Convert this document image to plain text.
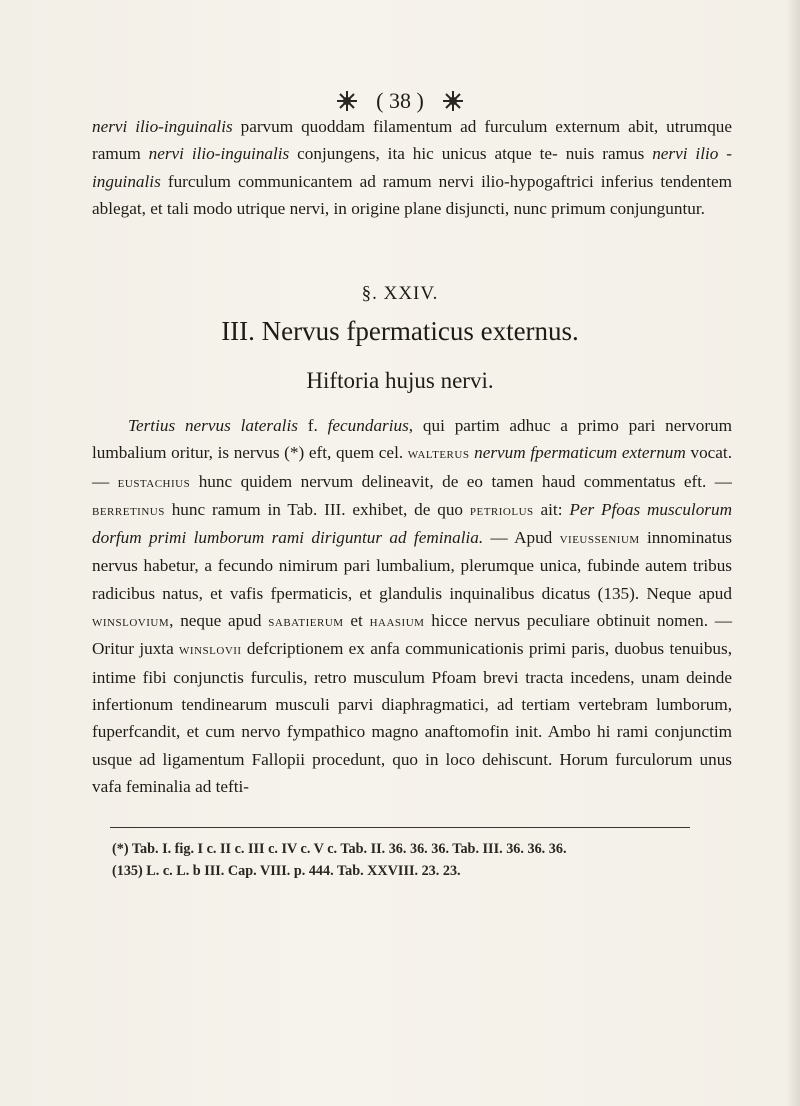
( 38 )
nervi ilio-inguinalis parvum quoddam filamentum ad furculum externum abit, utrumque ramum nervi ilio-inguinalis conjungens, ita hic unicus atque te- nuis ramus nervi ilio - inguinalis furculum communicantem ad ramum nervi ilio-hypogaftrici inferius tendentem ablegat, et tali modo utrique nervi, in origine plane disjuncti, nunc primum conjunguntur.
§. XXIV.
III. Nervus fpermaticus externus.
Hiftoria hujus nervi.
Tertius nervus lateralis f. fecundarius, qui partim adhuc a primo pari nervorum lumbalium oritur, is nervus (*) eft, quem cel. walterus nervum fpermaticum externum vocat. — eustachius hunc quidem nervum delineavit, de eo tamen haud commentatus eft. — berretinus hunc ramum in Tab. III. exhibet, de quo petriolus ait: Per Pfoas musculorum dorfum primi lumborum rami diriguntur ad feminalia. — Apud vieussenium innominatus nervus habetur, a fecundo nimirum pari lumbalium, plerumque unica, fubinde autem tribus radicibus natus, et vafis fpermaticis, et glandulis inquinalibus dicatus (135). Neque apud winslovium, neque apud sabatierum et haasium hicce nervus peculiare obtinuit nomen. — Oritur juxta winslovii defcriptionem ex anfa communicationis primi paris, duobus tenuibus, intime fibi conjunctis furculis, retro musculum Pfoam brevi tracta incedens, unam deinde infertionum tendinearum musculi parvi diaphragmatici, ad tertiam vertebram lumborum, fuperfcandit, et cum nervo fympathico magno anaftomofin init. Ambo hi rami conjunctim usque ad ligamentum Fallopii procedunt, quo in loco dehiscunt. Horum furculorum unus vafa feminalia ad tefti-
(*) Tab. I. fig. I c. II c. III c. IV c. V c. Tab. II. 36. 36. 36. Tab. III. 36. 36. 36.
(135) L. c. L. b III. Cap. VIII. p. 444. Tab. XXVIII. 23. 23.
